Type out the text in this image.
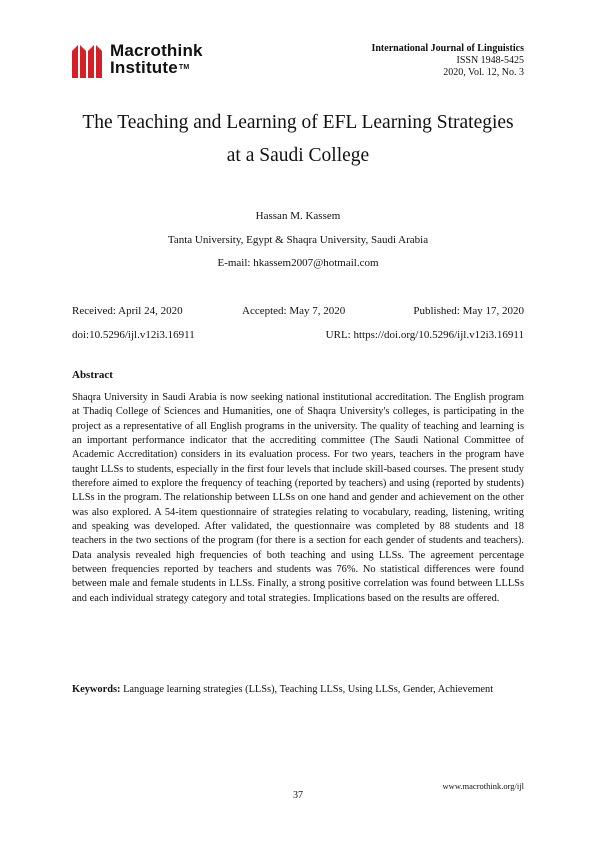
Macrothink
Institute™
International Journal of Linguistics
ISSN 1948-5425
2020, Vol. 12, No. 3
The Teaching and Learning of EFL Learning Strategies
at a Saudi College
Hassan M. Kassem
Tanta University, Egypt & Shaqra University, Saudi Arabia
E-mail: hkassem2007@hotmail.com
Received: April 24, 2020	Accepted: May 7, 2020	Published: May 17, 2020
doi:10.5296/ijl.v12i3.16911	URL: https://doi.org/10.5296/ijl.v12i3.16911
Abstract

Shaqra University in Saudi Arabia is now seeking national institutional accreditation. The English program at Thadiq College of Sciences and Humanities, one of Shaqra University's colleges, is participating in the project as a representative of all English programs in the university. The quality of teaching and learning is an important performance indicator that the accrediting committee (The Saudi National Committee of Academic Accreditation) considers in its evaluation process. For two years, teachers in the program have taught LLSs to students, especially in the first four levels that include skill-based courses. The present study therefore aimed to explore the frequency of teaching (reported by teachers) and using (reported by students) LLSs in the program. The relationship between LLSs on one hand and gender and achievement on the other was also explored. A 54-item questionnaire of strategies relating to vocabulary, reading, listening, writing and speaking was developed. After validated, the questionnaire was completed by 88 students and 18 teachers in the two sections of the program (for there is a section for each gender of students and teachers). Data analysis revealed high frequencies of both teaching and using LLSs. The agreement percentage between frequencies reported by teachers and students was 76%. No statistical differences were found between male and female students in LLSs. Finally, a strong positive correlation was found between LLLSs and each individual strategy category and total strategies. Implications based on the results are offered.

Keywords: Language learning strategies (LLSs), Teaching LLSs, Using LLSs, Gender, Achievement

www.macrothink.org/ijl
37
